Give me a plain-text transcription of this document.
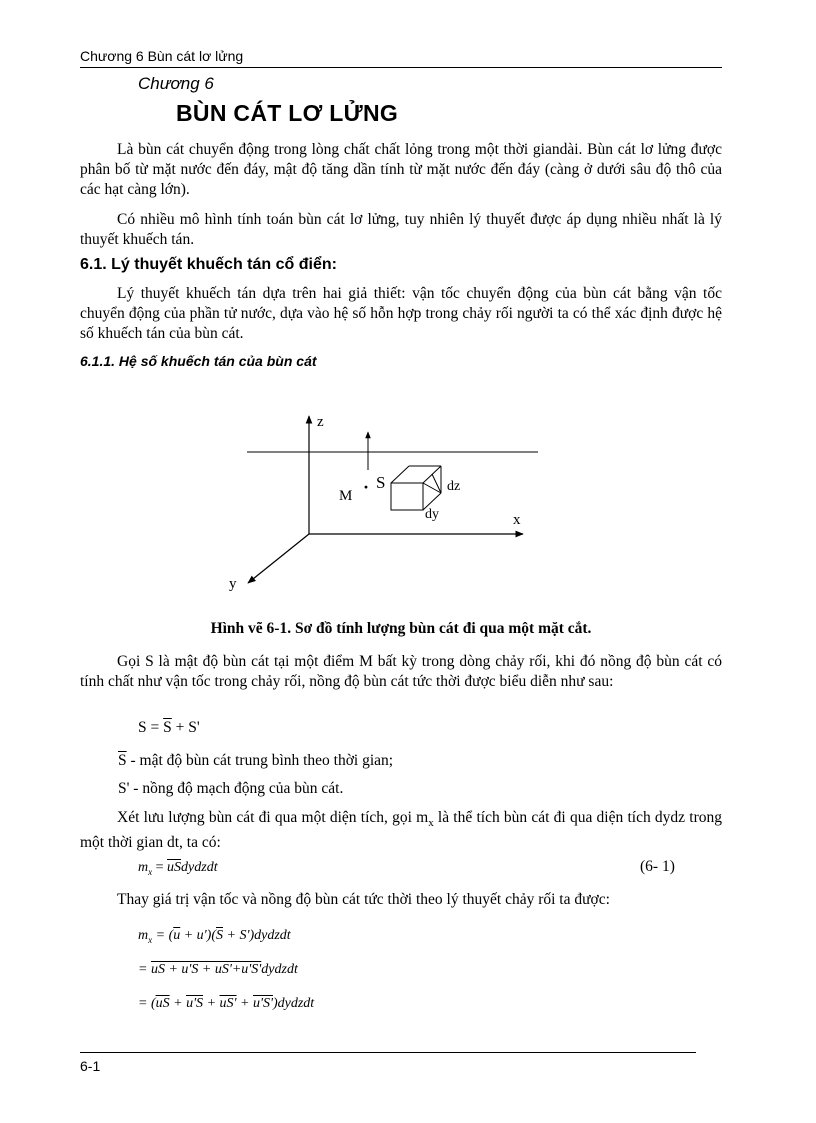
Chương 6 Bùn cát lơ lửng
Chương 6
BÙN CÁT LƠ LỬNG
Là bùn cát chuyển động trong lòng chất chất lỏng trong một thời giandài. Bùn cát lơ lửng được phân bố từ mặt nước đến đáy, mật độ tăng dần tính từ mặt nước đến đáy (càng ở dưới sâu độ thô của các hạt càng lớn).
Có nhiều mô hình tính toán bùn cát lơ lửng, tuy nhiên lý thuyết được áp dụng nhiều nhất là lý thuyết khuếch tán.
6.1. Lý thuyết khuếch tán cổ điển:
Lý thuyết khuếch tán dựa trên hai giả thiết: vận tốc chuyển động của bùn cát bằng vận tốc chuyển động của phần tử nước, dựa vào hệ số hỗn hợp trong chảy rối người ta có thể xác định được hệ số khuếch tán của bùn cát.
6.1.1. Hệ số khuếch tán của bùn cát
z
x
y
M · S	dz
dy
Hình vẽ 6-1. Sơ đồ tính lượng bùn cát đi qua một mặt cắt.
Gọi S là mật độ bùn cát tại một điểm M bất kỳ trong dòng chảy rối, khi đó nồng độ bùn cát có tính chất như vận tốc trong chảy rối, nồng độ bùn cát tức thời được biểu diễn như sau:
$S = \overline{S} + S'$
$\overline{S}$ - mật độ bùn cát trung bình theo thời gian;
S' - nồng độ mạch động của bùn cát.
Xét lưu lượng bùn cát đi qua một diện tích, gọi $m_x$ là thể tích bùn cát đi qua diện tích dydz trong một thời gian dt, ta có:
$m_x$ = $\overline{uS}dydzdt$	(6- 1)
Thay giá trị vận tốc và nồng độ bùn cát tức thời theo lý thuyết chảy rối ta được:
$m_x = (\overline{u} + u')(\overline{S}$ + S')dydzdt
= uS + u'S + uS'+u'S'dydzdt
= ($\overline{uS} + u'S + uS'$ + u'S')dydzdt
6-1
